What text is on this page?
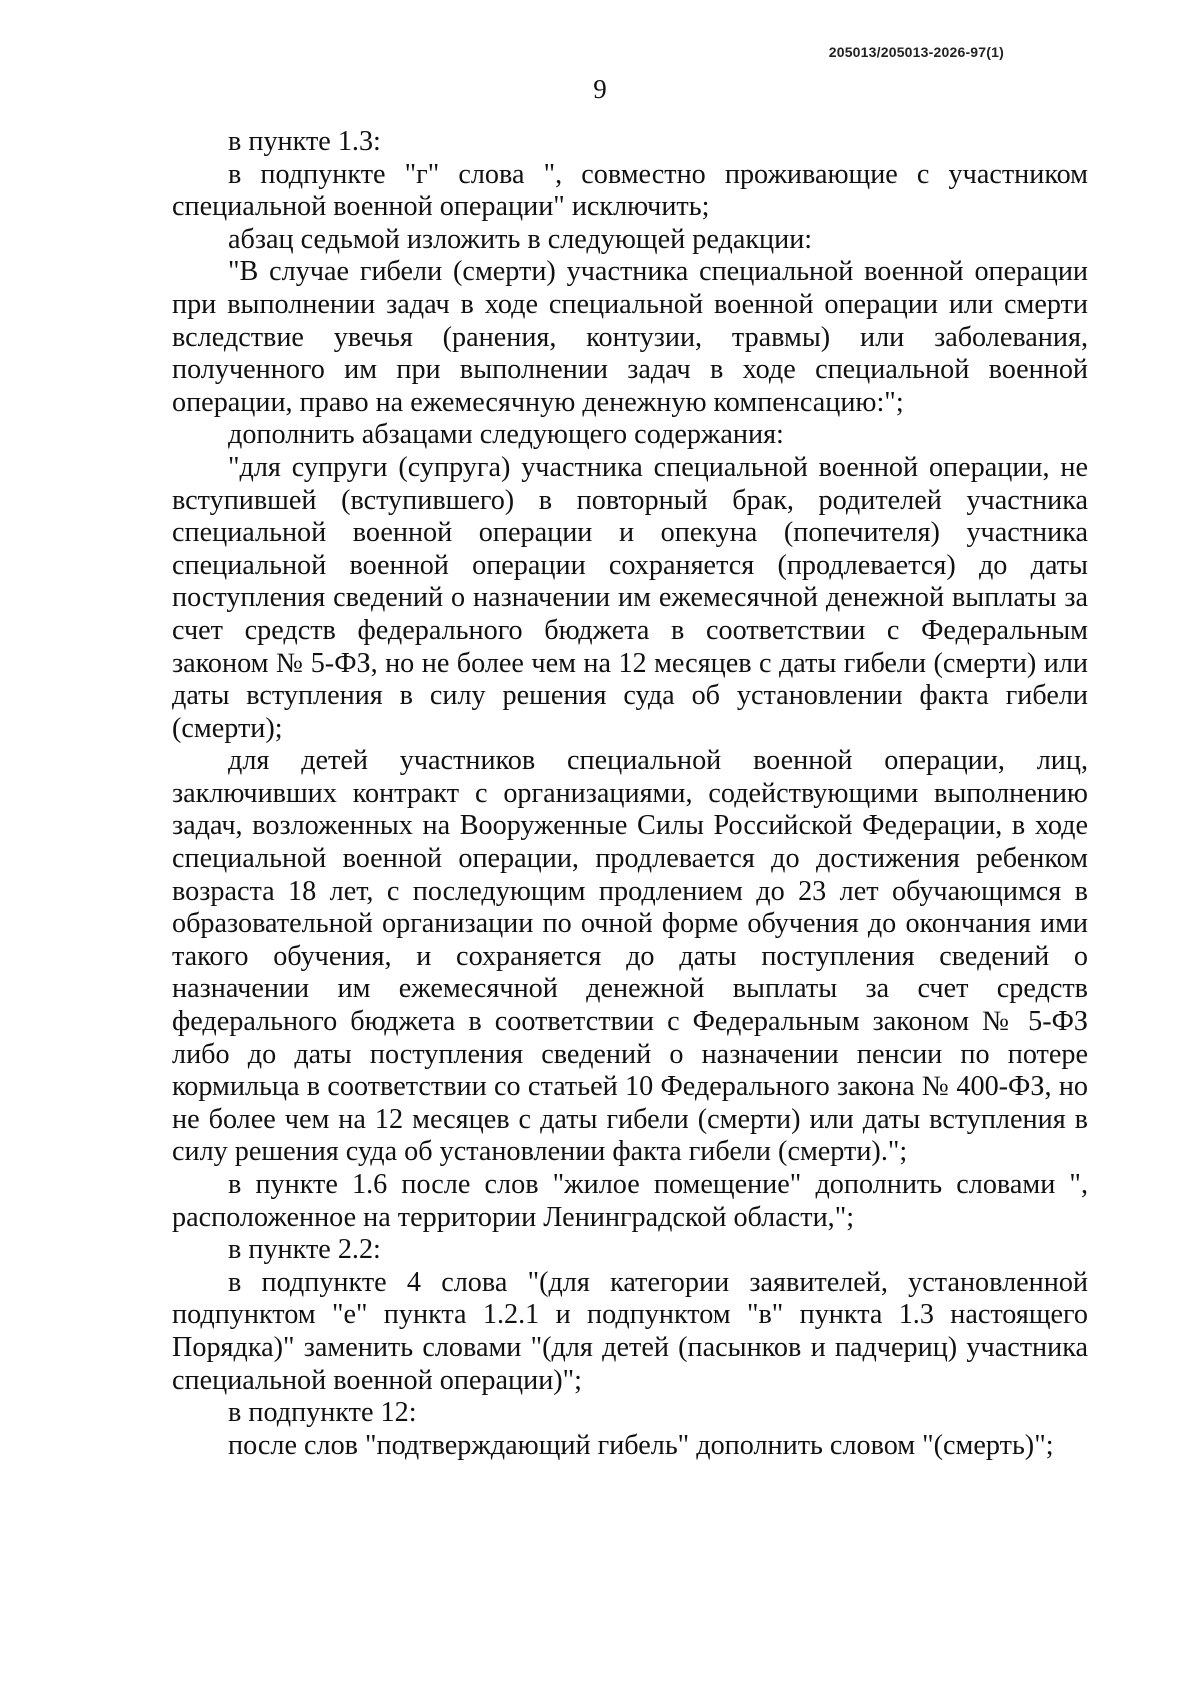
205013/205013-2026-97(1)
9

в пункте 1.3:

в подпункте "г" слова ", совместно проживающие с участником специальной военной операции" исключить;

абзац седьмой изложить в следующей редакции:

"В случае гибели (смерти) участника специальной военной операции при выполнении задач в ходе специальной военной операции или смерти вследствие увечья (ранения, контузии, травмы) или заболевания, полученного им при выполнении задач в ходе специальной военной операции, право на ежемесячную денежную компенсацию:";

дополнить абзацами следующего содержания:

"для супруги (супруга) участника специальной военной операции, не вступившей (вступившего) в повторный брак, родителей участника специальной военной операции и опекуна (попечителя) участника специальной военной операции сохраняется (продлевается) до даты поступления сведений о назначении им ежемесячной денежной выплаты за счет средств федерального бюджета в соответствии с Федеральным законом № 5-ФЗ, но не более чем на 12 месяцев с даты гибели (смерти) или даты вступления в силу решения суда об установлении факта гибели (смерти);

для детей участников специальной военной операции, лиц, заключивших контракт с организациями, содействующими выполнению задач, возложенных на Вооруженные Силы Российской Федерации, в ходе специальной военной операции, продлевается до достижения ребенком возраста 18 лет, с последующим продлением до 23 лет обучающимся в образовательной организации по очной форме обучения до окончания ими такого обучения, и сохраняется до даты поступления сведений о назначении им ежемесячной денежной выплаты за счет средств федерального бюджета в соответствии с Федеральным законом № 5-ФЗ либо до даты поступления сведений о назначении пенсии по потере кормильца в соответствии со статьей 10 Федерального закона № 400-ФЗ, но не более чем на 12 месяцев с даты гибели (смерти) или даты вступления в силу решения суда об установлении факта гибели (смерти).";

в пункте 1.6 после слов "жилое помещение" дополнить словами ", расположенное на территории Ленинградской области,";

в пункте 2.2:

в подпункте 4 слова "(для категории заявителей, установленной подпунктом "е" пункта 1.2.1 и подпунктом "в" пункта 1.3 настоящего Порядка)" заменить словами "(для детей (пасынков и падчериц) участника специальной военной операции)";

в подпункте 12:

после слов "подтверждающий гибель" дополнить словом "(смерть)";
